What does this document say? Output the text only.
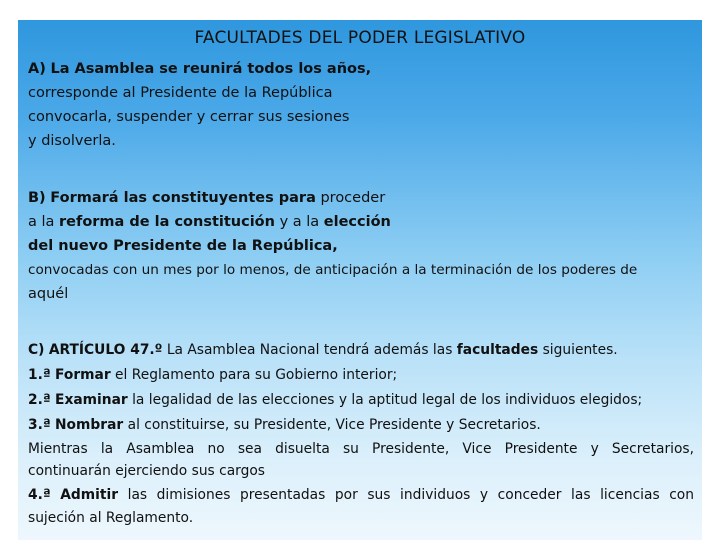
FACULTADES DEL PODER LEGISLATIVO
A) La Asamblea se reunirá todos los años,
corresponde al Presidente de la República
convocarla, suspender y cerrar sus sesiones
y disolverla.
B) Formará las constituyentes para proceder
a la reforma de la constitución y a la elección
del nuevo Presidente de la República,
convocadas con un mes por lo menos, de anticipación a la terminación de los poderes de
aquél
C) ARTÍCULO 47.º La Asamblea Nacional tendrá además las facultades siguientes.
1.ª Formar el Reglamento para su Gobierno interior;
2.ª Examinar la legalidad de las elecciones y la aptitud legal de los individuos elegidos;
3.ª Nombrar al constituirse, su Presidente, Vice Presidente y Secretarios.
Mientras la Asamblea no sea disuelta su Presidente, Vice Presidente y Secretarios,
continuarán ejerciendo sus cargos
4.ª Admitir las dimisiones presentadas por sus individuos y conceder las licencias con
sujeción al Reglamento.
